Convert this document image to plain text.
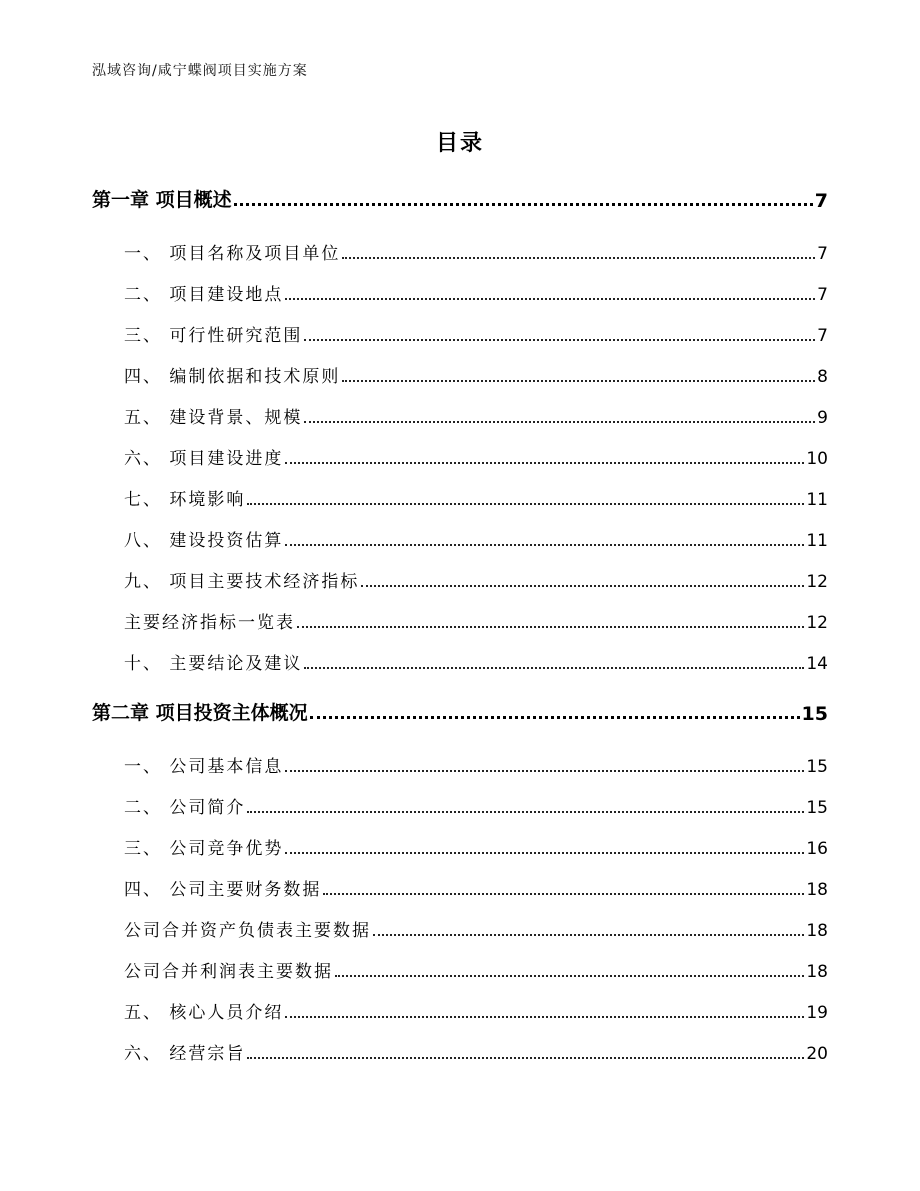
泓域咨询/咸宁蝶阀项目实施方案
目录
第一章 项目概述	7
一、 项目名称及项目单位	7
二、 项目建设地点	7
三、 可行性研究范围	7
四、 编制依据和技术原则	8
五、 建设背景、规模	9
六、 项目建设进度	10
七、 环境影响	11
八、 建设投资估算	11
九、 项目主要技术经济指标	12
主要经济指标一览表	12
十、 主要结论及建议	14
第二章 项目投资主体概况	15
一、 公司基本信息	15
二、 公司简介	15
三、 公司竞争优势	16
四、 公司主要财务数据	18
公司合并资产负债表主要数据	18
公司合并利润表主要数据	18
五、 核心人员介绍	19
六、 经营宗旨	20
